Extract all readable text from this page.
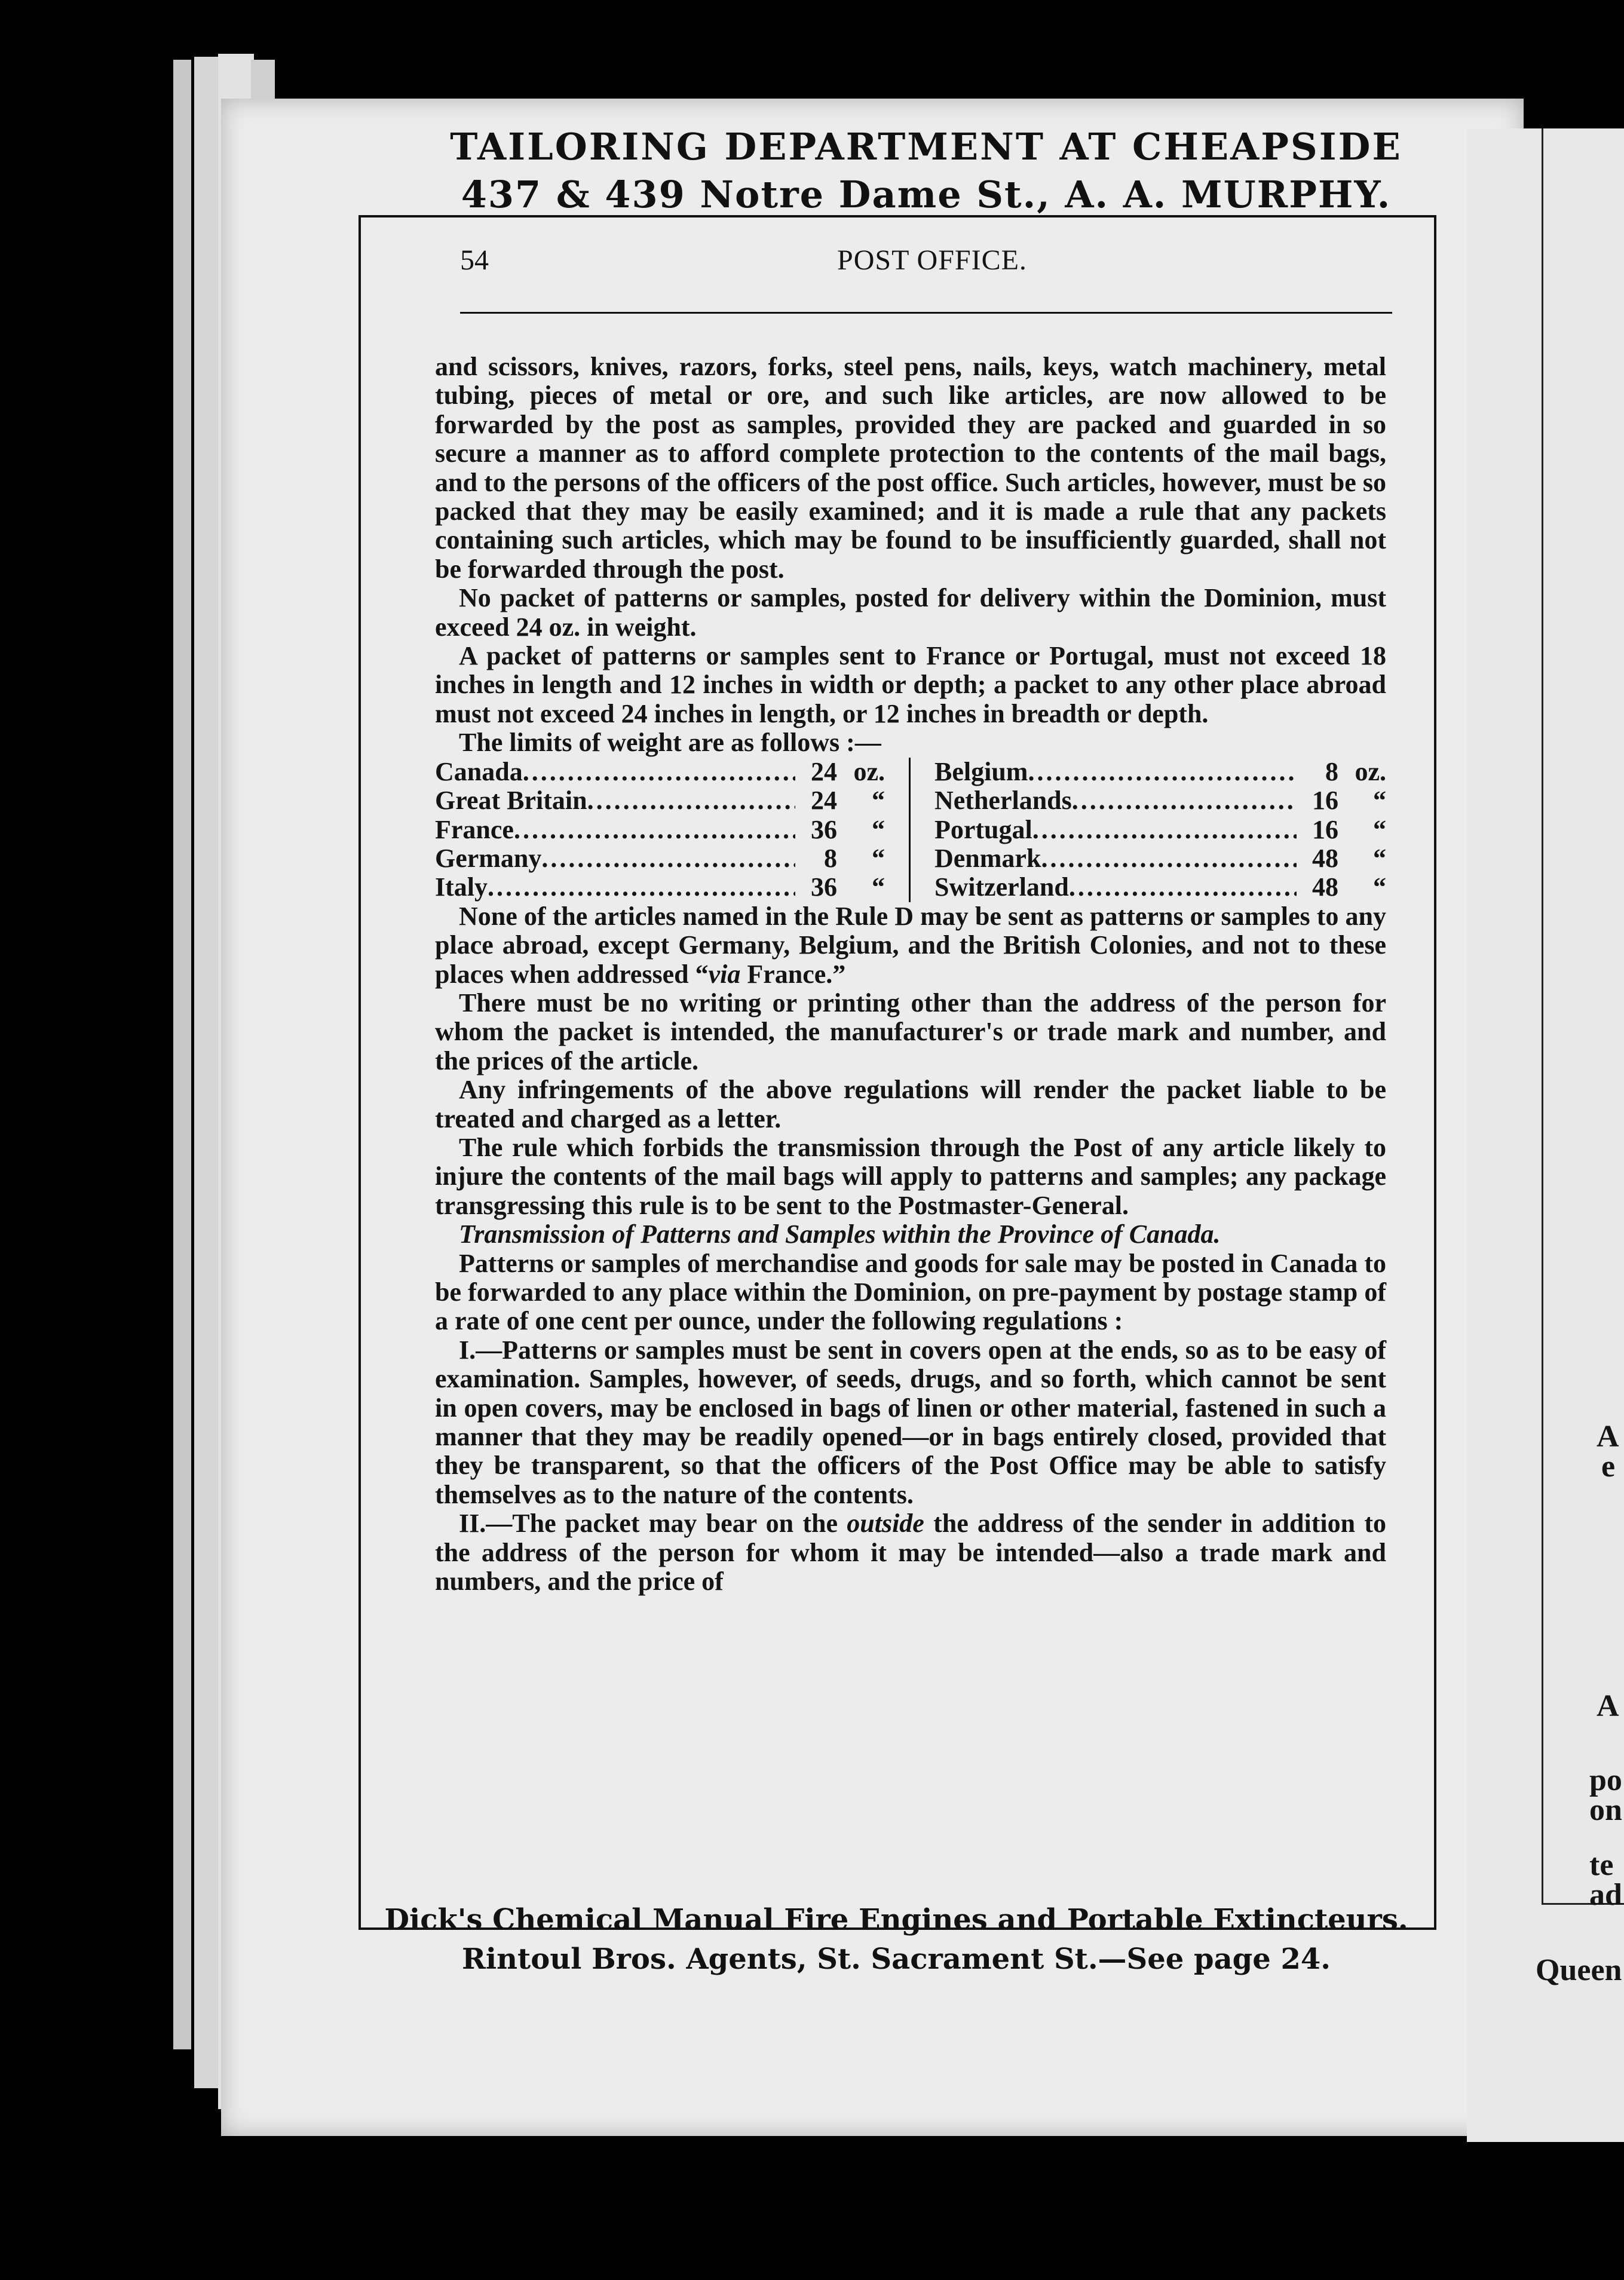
A
e
A
po
on
te
ad
Queen
TAILORING DEPARTMENT AT CHEAPSIDE
437 & 439 Notre Dame St., A. A. MURPHY.
54	POST OFFICE.

and scissors, knives, razors, forks, steel pens, nails, keys, watch machinery, metal tubing, pieces of metal or ore, and such like articles, are now allowed to be forwarded by the post as samples, provided they are packed and guarded in so secure a manner as to afford complete protection to the contents of the mail bags, and to the persons of the officers of the post office. Such articles, however, must be so packed that they may be easily examined; and it is made a rule that any packets containing such articles, which may be found to be insufficiently guarded, shall not be forwarded through the post.

No packet of patterns or samples, posted for delivery within the Dominion, must exceed 24 oz. in weight.

A packet of patterns or samples sent to France or Portugal, must not exceed 18 inches in length and 12 inches in width or depth; a packet to any other place abroad must not exceed 24 inches in length, or 12 inches in breadth or depth.

The limits of weight are as follows :—

Canada .....	24 oz.
Great Britain .....	24	“
France .....	36	“
Germany .....	8	“
Italy .....	36	“
Belgium .....	8 oz.
Netherlands .....	16	“
Portugal .....	16	“
Denmark .....	48	“
Switzerland .....	48	“

None of the articles named in the Rule D may be sent as patterns or samples to any place abroad, except Germany, Belgium, and the British Colonies, and not to these places when addressed “via France.”

There must be no writing or printing other than the address of the person for whom the packet is intended, the manufacturer's or trade mark and number, and the prices of the article.

Any infringements of the above regulations will render the packet liable to be treated and charged as a letter.

The rule which forbids the transmission through the Post of any article likely to injure the contents of the mail bags will apply to patterns and samples; any package transgressing this rule is to be sent to the Postmaster-General.

Transmission of Patterns and Samples within the Province of Canada.

Patterns or samples of merchandise and goods for sale may be posted in Canada to be forwarded to any place within the Dominion, on pre-payment by postage stamp of a rate of one cent per ounce, under the following regulations :

I.—Patterns or samples must be sent in covers open at the ends, so as to be easy of examination. Samples, however, of seeds, drugs, and so forth, which cannot be sent in open covers, may be enclosed in bags of linen or other material, fastened in such a manner that they may be readily opened—or in bags entirely closed, provided that they be transparent, so that the officers of the Post Office may be able to satisfy themselves as to the nature of the contents.

II.—The packet may bear on the outside the address of the sender in addition to the address of the person for whom it may be intended—also a trade mark and numbers, and the price of

Dick's Chemical Manual Fire Engines and Portable Extincteurs.
Rintoul Bros. Agents, St. Sacrament St.—See page 24.
